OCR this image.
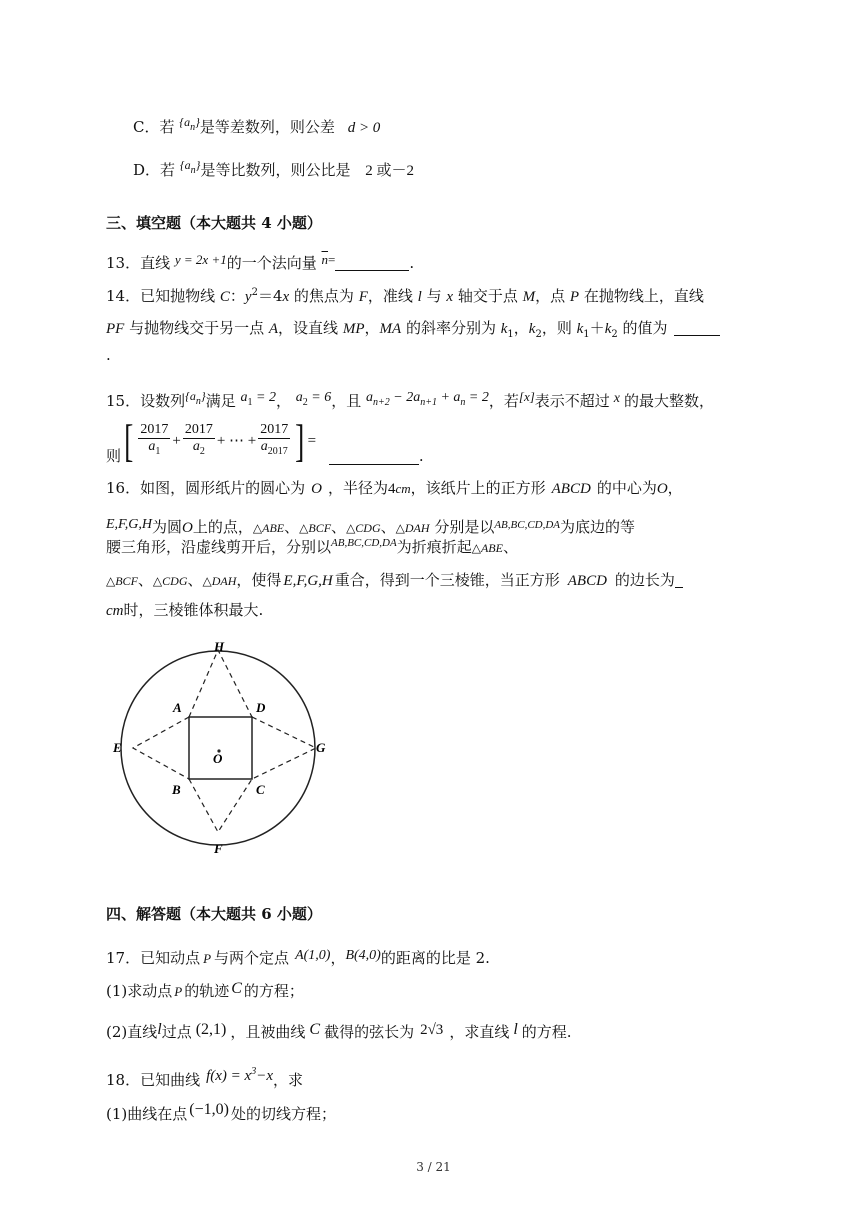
C．若 $^{\{a_n\}}$是等差数列，则公差 d > 0
D．若 $^{\{a_n\}}$是等比数列，则公比是 2 或－2
三、填空题（本大题共 4 小题）
13．直线 y = 2x +1的一个法向量 $\overline{n}=$	.
14．已知抛物线 C：$y^2=4x$ 的焦点为 F，准线 l 与 x 轴交于点 M，点 P 在抛物线上，直线
PF 与抛物线交于另一点 A，设直线 MP，MA 的斜率分别为 $k_1$，$k_2$，则 $k_1+k_2$ 的值为
.
15．设数列$^{\{a_n\}}$满足 $a_1 = 2$， $a_2 = 6$，且 $a_{n+2} - 2a_{n+1} + a_n = 2$，若[x]表示不超过 x 的最大整数，
则[ $\frac{2017}{a_1} + \frac{2017}{a_2}$ + ⋯ + $\frac{2017}{a_{2017}}$ ] = .
16．如图，圆形纸片的圆心为 O ，半径为4cm，该纸片上的正方形 ABCD 的中心为O，
E,F,G,H为圆O上的点，△ABE、△BCF、△CDG、△DAH 分别是以$^{AB,BC,CD,DA}$为底边的等
腰三角形，沿虚线剪开后，分别以$^{AB,BC,CD,DA}$为折痕折起△ABE、
△BCF、△CDG、△DAH，使得 E,F,G,H 重合，得到一个三棱锥，当正方形 ABCD 的边长为
cm时，三棱锥体积最大.
H
A	D
E	G
O
B	C
F
四、解答题（本大题共 6 小题）
17．已知动点 P 与两个定点 A(1,0)，B(4,0)的距离的比是 2.
(1)求动点 P 的轨迹 C 的方程；
(2)直线l过点 (2,1) ，且被曲线 C 截得的弦长为 2√3 ，求直线 l 的方程.
18．已知曲线 $f(x) = x^3-x$，求
(1)曲线在点 (−1,0) 处的切线方程；
3 / 21
